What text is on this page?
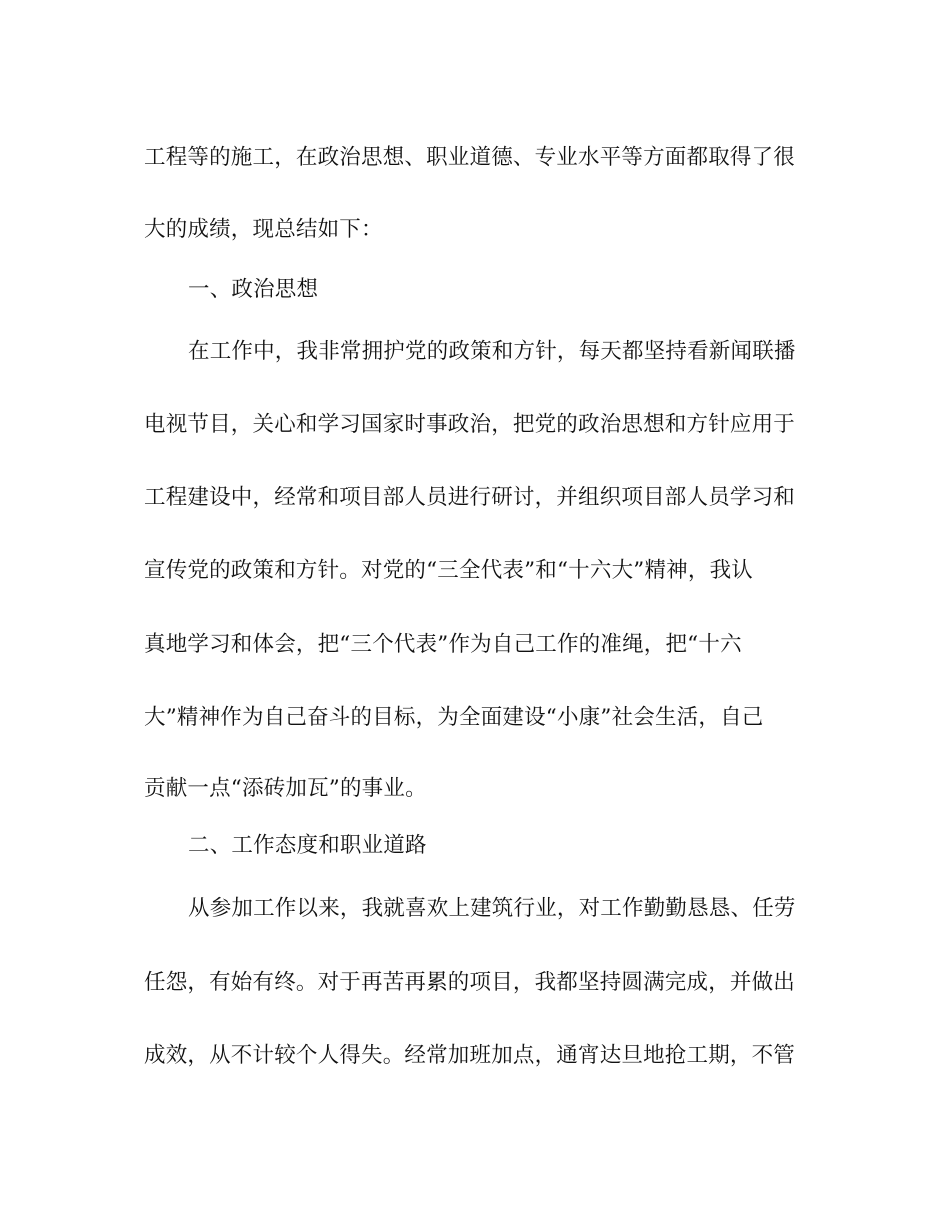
工程等的施工，在政治思想、职业道德、专业水平等方面都取得了很
大的成绩，现总结如下：
一、政治思想
在工作中，我非常拥护党的政策和方针，每天都坚持看新闻联播
电视节目，关心和学习国家时事政治，把党的政治思想和方针应用于
工程建设中，经常和项目部人员进行研讨，并组织项目部人员学习和
宣传党的政策和方针。对党的“三全代表”和“十六大”精神，我认
真地学习和体会，把“三个代表”作为自己工作的准绳，把“十六
大”精神作为自己奋斗的目标，为全面建设“小康”社会生活，自己
贡献一点“添砖加瓦”的事业。
二、工作态度和职业道路
从参加工作以来，我就喜欢上建筑行业，对工作勤勤恳恳、任劳
任怨，有始有终。对于再苦再累的项目，我都坚持圆满完成，并做出
成效，从不计较个人得失。经常加班加点，通宵达旦地抢工期，不管
